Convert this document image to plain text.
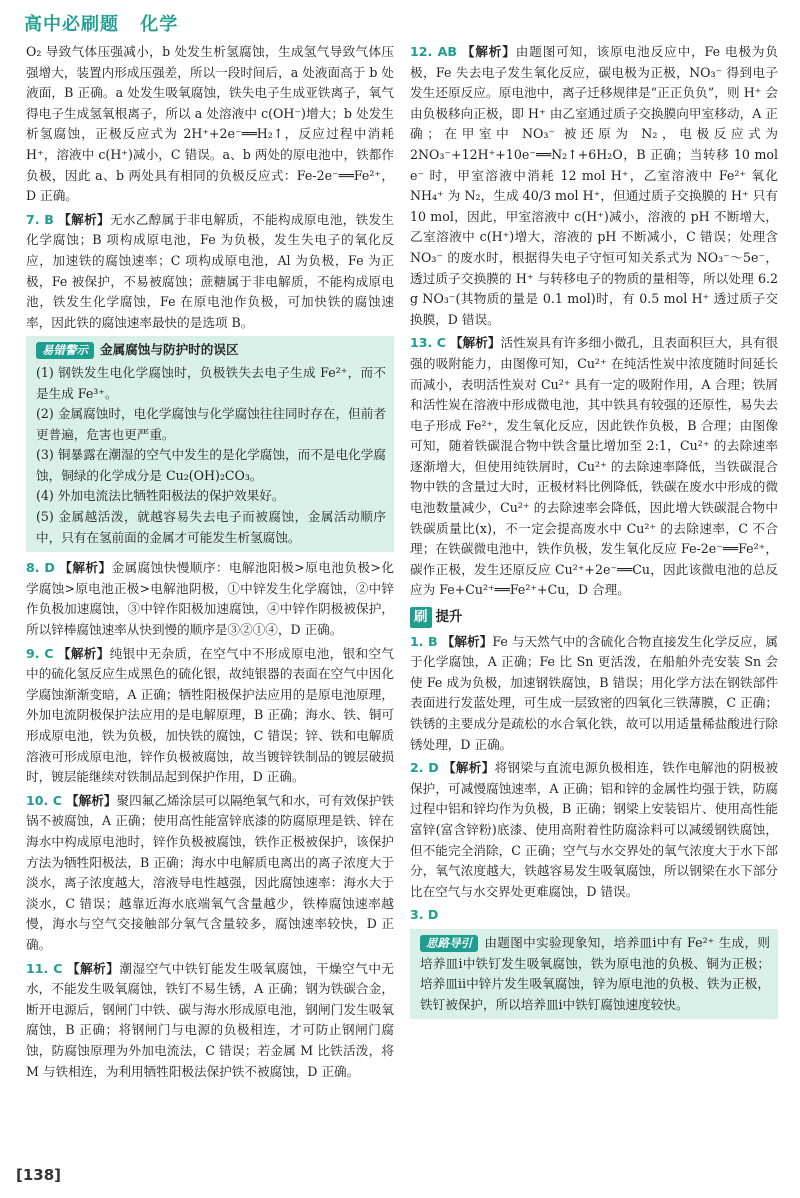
高中必刷题 化学

O₂ 导致气体压强减小，b 处发生析氢腐蚀，生成氢气导致气体压强增大，装置内形成压强差，所以一段时间后，a 处液面高于 b 处液面，B 正确。a 处发生吸氧腐蚀，铁失电子生成亚铁离子，氧气得电子生成氢氧根离子，所以 a 处溶液中 c(OH⁻)增大；b 处发生析氢腐蚀，正极反应式为 2H⁺+2e⁻══H₂↑，反应过程中消耗 H⁺，溶液中 c(H⁺)减小，C 错误。a、b 两处的原电池中，铁都作负极，因此 a、b 两处具有相同的负极反应式：Fe-2e⁻══Fe²⁺，D 正确。

7. B 【解析】无水乙醇属于非电解质，不能构成原电池，铁发生化学腐蚀；B 项构成原电池，Fe 为负极，发生失电子的氧化反应，加速铁的腐蚀速率；C 项构成原电池，Al 为负极，Fe 为正极，Fe 被保护，不易被腐蚀；蔗糖属于非电解质，不能构成原电池，铁发生化学腐蚀，Fe 在原电池作负极，可加快铁的腐蚀速率，因此铁的腐蚀速率最快的是选项 B。

易错警示 金属腐蚀与防护时的误区

(1) 钢铁发生电化学腐蚀时，负极铁失去电子生成 Fe²⁺，而不是生成 Fe³⁺。

(2) 金属腐蚀时，电化学腐蚀与化学腐蚀往往同时存在，但前者更普遍，危害也更严重。

(3) 铜暴露在潮湿的空气中发生的是化学腐蚀，而不是电化学腐蚀，铜绿的化学成分是 Cu₂(OH)₂CO₃。

(4) 外加电流法比牺牲阳极法的保护效果好。

(5) 金属越活泼，就越容易失去电子而被腐蚀，金属活动顺序中，只有在氢前面的金属才可能发生析氢腐蚀。

8. D 【解析】金属腐蚀快慢顺序：电解池阳极>原电池负极>化学腐蚀>原电池正极>电解池阴极，①中锌发生化学腐蚀，②中锌作负极加速腐蚀，③中锌作阳极加速腐蚀，④中锌作阴极被保护，所以锌棒腐蚀速率从快到慢的顺序是③②①④，D 正确。

9. C 【解析】纯银中无杂质，在空气中不形成原电池，银和空气中的硫化氢反应生成黑色的硫化银，故纯银器的表面在空气中因化学腐蚀渐渐变暗，A 正确；牺牲阳极保护法应用的是原电池原理，外加电流阴极保护法应用的是电解原理，B 正确；海水、铁、铜可形成原电池，铁为负极，加快铁的腐蚀，C 错误；锌、铁和电解质溶液可形成原电池，锌作负极被腐蚀，故当镀锌铁制品的镀层破损时，镀层能继续对铁制品起到保护作用，D 正确。

10. C 【解析】聚四氟乙烯涂层可以隔绝氧气和水，可有效保护铁锅不被腐蚀，A 正确；使用高性能富锌底漆的防腐原理是铁、锌在海水中构成原电池时，锌作负极被腐蚀，铁作正极被保护，该保护方法为牺牲阳极法，B 正确；海水中电解质电离出的离子浓度大于淡水，离子浓度越大，溶液导电性越强，因此腐蚀速率：海水大于淡水，C 错误；越靠近海水底端氧气含量越少，铁棒腐蚀速率越慢，海水与空气交接触部分氧气含量较多，腐蚀速率较快，D 正确。

11. C 【解析】潮湿空气中铁钉能发生吸氧腐蚀，干燥空气中无水，不能发生吸氧腐蚀，铁钉不易生锈，A 正确；钢为铁碳合金，断开电源后，钢闸门中铁、碳与海水形成原电池，钢闸门发生吸氧腐蚀，B 正确；将钢闸门与电源的负极相连，才可防止钢闸门腐蚀，防腐蚀原理为外加电流法，C 错误；若金属 M 比铁活泼，将 M 与铁相连，为利用牺牲阳极法保护铁不被腐蚀，D 正确。

12. AB 【解析】由题图可知，该原电池反应中，Fe 电极为负极，Fe 失去电子发生氧化反应，碳电极为正极，NO₃⁻ 得到电子发生还原反应。原电池中，离子迁移规律是“正正负负”，则 H⁺ 会由负极移向正极，即 H⁺ 由乙室通过质子交换膜向甲室移动，A 正确；在甲室中 NO₃⁻ 被还原为 N₂，电极反应式为 2NO₃⁻+12H⁺+10e⁻══N₂↑+6H₂O，B 正确；当转移 10 mol e⁻ 时，甲室溶液中消耗 12 mol H⁺，乙室溶液中 Fe²⁺ 氧化 NH₄⁺ 为 N₂，生成 40/3 mol H⁺，但通过质子交换膜的 H⁺ 只有 10 mol，因此，甲室溶液中 c(H⁺)减小，溶液的 pH 不断增大，乙室溶液中 c(H⁺)增大，溶液的 pH 不断减小，C 错误；处理含 NO₃⁻ 的废水时，根据得失电子守恒可知关系式为 NO₃⁻～5e⁻，透过质子交换膜的 H⁺ 与转移电子的物质的量相等，所以处理 6.2 g NO₃⁻(其物质的量是 0.1 mol)时，有 0.5 mol H⁺ 透过质子交换膜，D 错误。

13. C 【解析】活性炭具有许多细小微孔，且表面积巨大，具有很强的吸附能力，由图像可知，Cu²⁺ 在纯活性炭中浓度随时间延长而减小，表明活性炭对 Cu²⁺ 具有一定的吸附作用，A 合理；铁屑和活性炭在溶液中形成微电池，其中铁具有较强的还原性，易失去电子形成 Fe²⁺，发生氧化反应，因此铁作负极，B 合理；由图像可知，随着铁碳混合物中铁含量比增加至 2:1，Cu²⁺ 的去除速率逐渐增大，但使用纯铁屑时，Cu²⁺ 的去除速率降低，当铁碳混合物中铁的含量过大时，正极材料比例降低，铁碳在废水中形成的微电池数量减少，Cu²⁺ 的去除速率会降低，因此增大铁碳混合物中铁碳质量比(x)，不一定会提高废水中 Cu²⁺ 的去除速率，C 不合理；在铁碳微电池中，铁作负极，发生氧化反应 Fe-2e⁻══Fe²⁺，碳作正极，发生还原反应 Cu²⁺+2e⁻══Cu，因此该微电池的总反应为 Fe+Cu²⁺══Fe²⁺+Cu，D 合理。

刷 提升

1. B 【解析】Fe 与天然气中的含硫化合物直接发生化学反应，属于化学腐蚀，A 正确；Fe 比 Sn 更活泼，在船舶外壳安装 Sn 会使 Fe 成为负极，加速钢铁腐蚀，B 错误；用化学方法在钢铁部件表面进行发蓝处理，可生成一层致密的四氧化三铁薄膜，C 正确；铁锈的主要成分是疏松的水合氧化铁，故可以用适量稀盐酸进行除锈处理，D 正确。

2. D 【解析】将钢梁与直流电源负极相连，铁作电解池的阴极被保护，可减慢腐蚀速率，A 正确；铝和锌的金属性均强于铁，防腐过程中铝和锌均作为负极，B 正确；钢梁上安装铝片、使用高性能富锌(富含锌粉)底漆、使用高附着性防腐涂料可以减缓钢铁腐蚀，但不能完全消除，C 正确；空气与水交界处的氧气浓度大于水下部分，氧气浓度越大，铁越容易发生吸氧腐蚀，所以钢梁在水下部分比在空气与水交界处更难腐蚀，D 错误。

3. D

思路导引 由题图中实验现象知，培养皿ⅰ中有 Fe²⁺ 生成，则培养皿ⅰ中铁钉发生吸氧腐蚀，铁为原电池的负极、铜为正极；培养皿ⅱ中锌片发生吸氧腐蚀，锌为原电池的负极、铁为正极，铁钉被保护，所以培养皿ⅰ中铁钉腐蚀速度较快。
[138]
